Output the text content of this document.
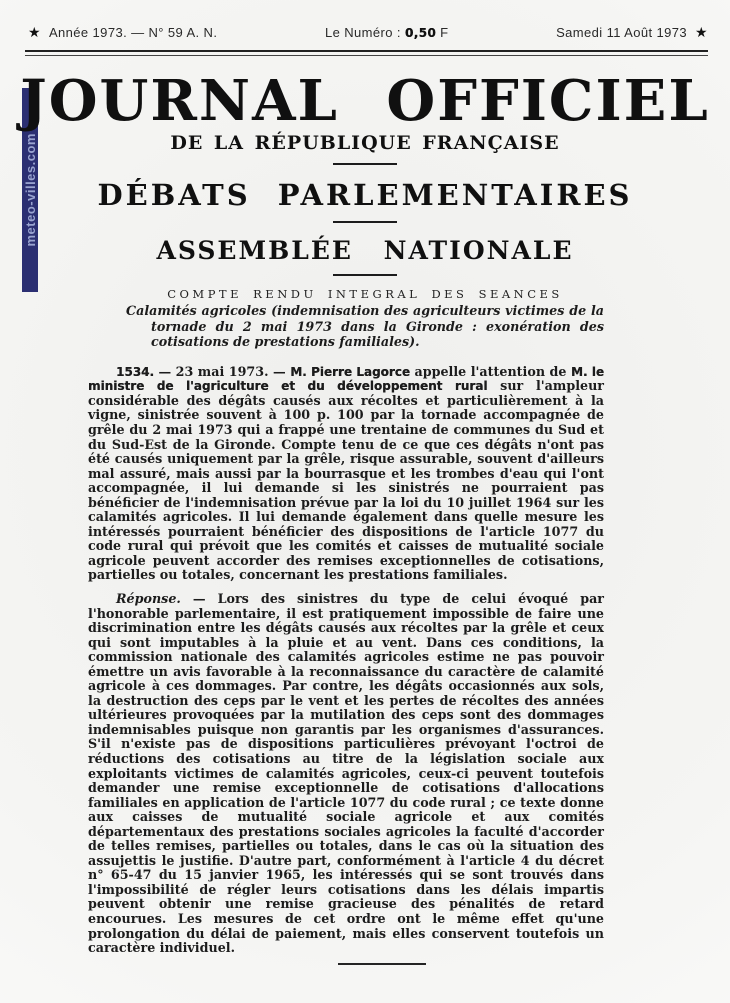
★ Année 1973. — N° 59 A. N.	Le Numéro : 0,50 F	Samedi 11 Août 1973 ★
meteo-villes.com
JOURNAL OFFICIEL
DE LA RÉPUBLIQUE FRANÇAISE
DÉBATS PARLEMENTAIRES
ASSEMBLÉE NATIONALE
COMPTE RENDU INTEGRAL DES SEANCES

Calamités agricoles (indemnisation des agriculteurs victimes de la tornade du 2 mai 1973 dans la Gironde : exonération des cotisations de prestations familiales).

1534. — 23 mai 1973. — M. Pierre Lagorce appelle l'attention de M. le ministre de l'agriculture et du développement rural sur l'ampleur considérable des dégâts causés aux récoltes et particulièrement à la vigne, sinistrée souvent à 100 p. 100 par la tornade accompagnée de grêle du 2 mai 1973 qui a frappé une trentaine de communes du Sud et du Sud-Est de la Gironde. Compte tenu de ce que ces dégâts n'ont pas été causés uniquement par la grêle, risque assurable, souvent d'ailleurs mal assuré, mais aussi par la bourrasque et les trombes d'eau qui l'ont accompagnée, il lui demande si les sinistrés ne pourraient pas bénéficier de l'indemnisation prévue par la loi du 10 juillet 1964 sur les calamités agricoles. Il lui demande également dans quelle mesure les intéressés pourraient bénéficier des dispositions de l'article 1077 du code rural qui prévoit que les comités et caisses de mutualité sociale agricole peuvent accorder des remises exceptionnelles de cotisations, partielles ou totales, concernant les prestations familiales.

Réponse. — Lors des sinistres du type de celui évoqué par l'honorable parlementaire, il est pratiquement impossible de faire une discrimination entre les dégâts causés aux récoltes par la grêle et ceux qui sont imputables à la pluie et au vent. Dans ces conditions, la commission nationale des calamités agricoles estime ne pas pouvoir émettre un avis favorable à la reconnaissance du caractère de calamité agricole à ces dommages. Par contre, les dégâts occasionnés aux sols, la destruction des ceps par le vent et les pertes de récoltes des années ultérieures provoquées par la mutilation des ceps sont des dommages indemnisables puisque non garantis par les organismes d'assurances. S'il n'existe pas de dispositions particulières prévoyant l'octroi de réductions des cotisations au titre de la législation sociale aux exploitants victimes de calamités agricoles, ceux-ci peuvent toutefois demander une remise exceptionnelle de cotisations d'allocations familiales en application de l'article 1077 du code rural ; ce texte donne aux caisses de mutualité sociale agricole et aux comités départementaux des prestations sociales agricoles la faculté d'accorder de telles remises, partielles ou totales, dans le cas où la situation des assujettis le justifie. D'autre part, conformément à l'article 4 du décret n° 65-47 du 15 janvier 1965, les intéressés qui se sont trouvés dans l'impossibilité de régler leurs cotisations dans les délais impartis peuvent obtenir une remise gracieuse des pénalités de retard encourues. Les mesures de cet ordre ont le même effet qu'une prolongation du délai de paiement, mais elles conservent toutefois un caractère individuel.
